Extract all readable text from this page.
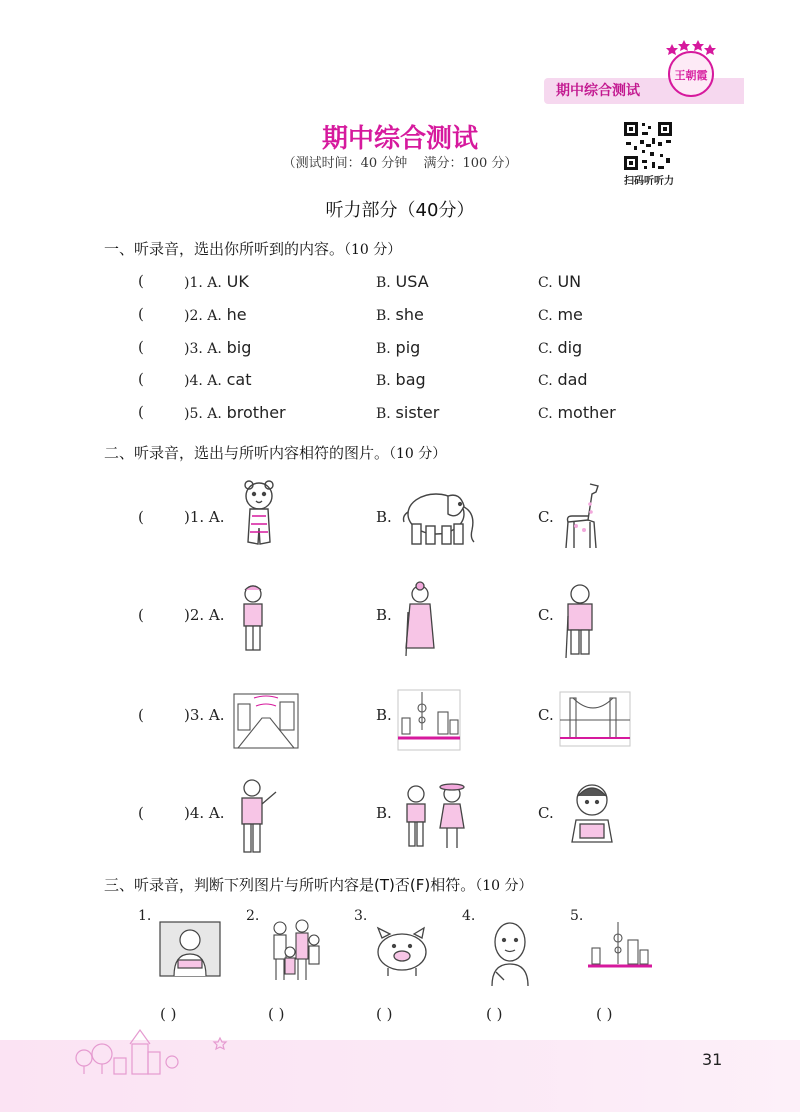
期中综合测试
王朝霞
期中综合测试
（测试时间：40 分钟 满分：100 分）
扫码听听力
听力部分（40分）
一、听录音，选出你所听到的内容。（10 分）
(	)1. A. UK	B. USA	C. UN
(	)2. A. he	B. she	C. me
(	)3. A. big	B. pig	C. dig
(	)4. A. cat	B. bag	C. dad
(	)5. A. brother	B. sister	C. mother
二、听录音，选出与所听内容相符的图片。（10 分）
(	)1. A.	B.	C.
(	)2. A.	B.	C.
(	)3. A.	B.	C.
(	)4. A.	B.	C.
三、听录音，判断下列图片与所听内容是(T)否(F)相符。（10 分）
1.	2.	3.	4.	5.
( )	( )	( )	( )	( )
31
